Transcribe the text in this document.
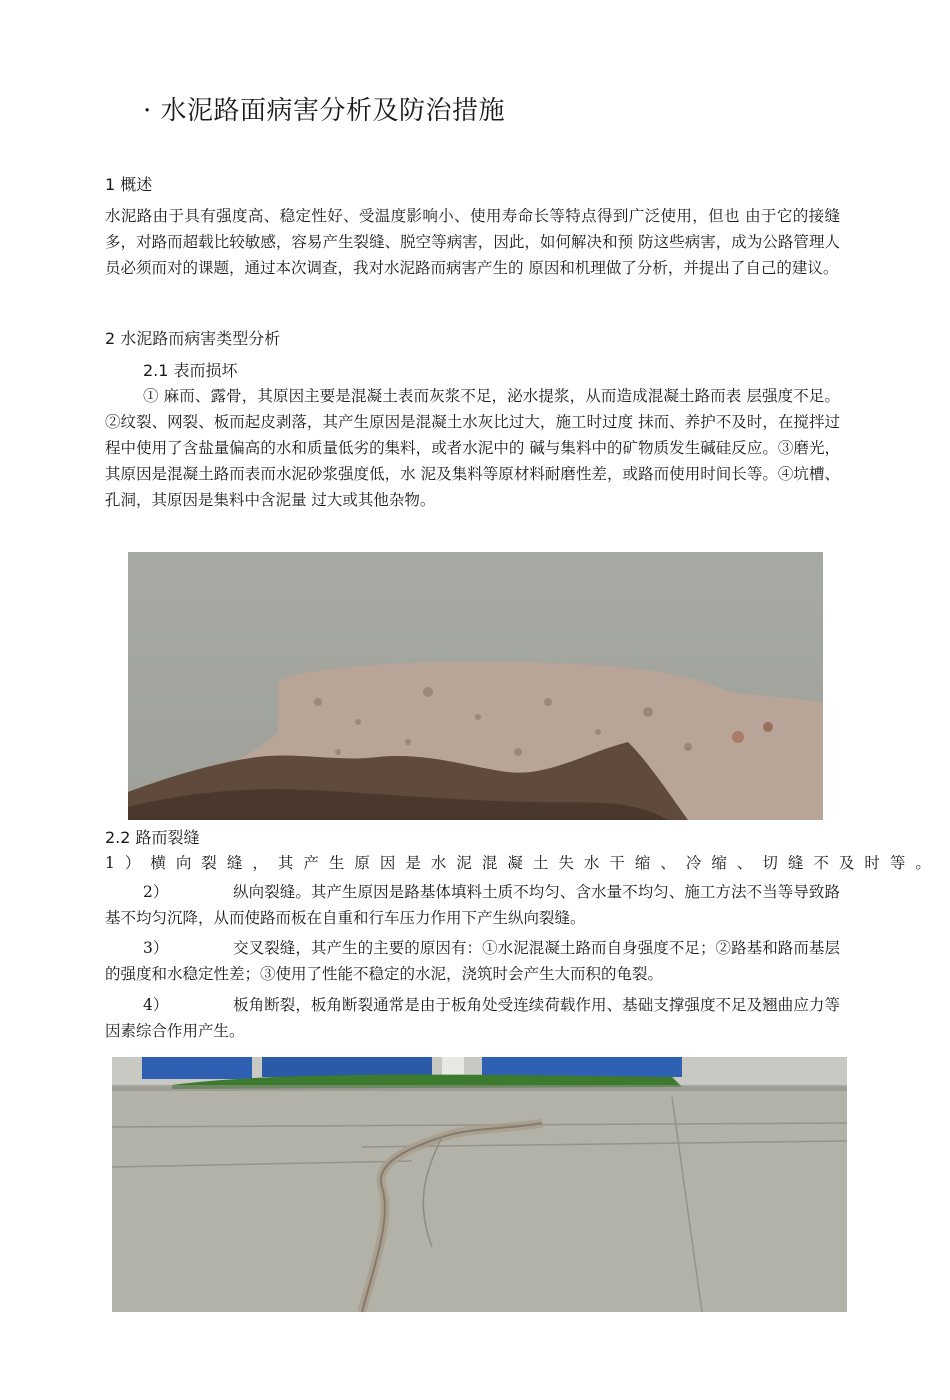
· 水泥路面病害分析及防治措施
1 概述

水泥路由于具有强度高、稳定性好、受温度影响小、使用寿命长等特点得到广泛使用，但也 由于它的接缝多，对路而超载比较敏感，容易产生裂缝、脱空等病害，因此，如何解决和预 防这些病害，成为公路管理人员必须而对的课题，通过本次调查，我对水泥路而病害产生的 原因和机理做了分析，并提出了自己的建议。

2 水泥路而病害类型分析
2.1 表而损坏

① 麻而、露骨，其原因主要是混凝土表而灰浆不足，泌水提浆，从而造成混凝土路而表 层强度不足。②纹裂、网裂、板而起皮剥落，其产生原因是混凝土水灰比过大，施工时过度 抹而、养护不及时，在搅拌过程中使用了含盐量偏高的水和质量低劣的集料，或者水泥中的 碱与集料中的矿物质发生碱硅反应。③磨光，其原因是混凝土路而表而水泥砂浆强度低，水 泥及集料等原材料耐磨性差，或路而使用时间长等。④坑槽、孔洞，其原因是集料中含泥量 过大或其他杂物。

2.2 路而裂缝

1）横向裂缝，其产生原因是水泥混凝土失水干缩、冷缩、切缝不及时等。

2）	纵向裂缝。其产生原因是路基体填料土质不均匀、含水量不均匀、施工方法不当等导致路基不均匀沉降，从而使路而板在自重和行车压力作用下产生纵向裂缝。

3）	交叉裂缝，其产生的主要的原因有：①水泥混凝土路而自身强度不足；②路基和路而基层的强度和水稳定性差；③使用了性能不稳定的水泥，浇筑时会产生大而积的龟裂。

4）	板角断裂，板角断裂通常是由于板角处受连续荷载作用、基础支撑强度不足及翘曲应力等因素综合作用产生。
